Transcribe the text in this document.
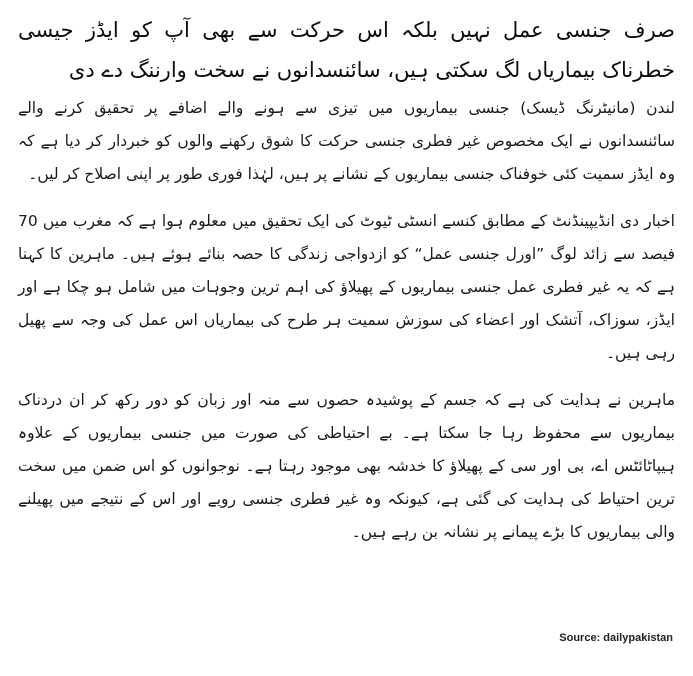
صرف جنسی عمل نہیں بلکہ اس حرکت سے بھی آپ کو ایڈز جیسی خطرناک بیماریاں لگ سکتی ہیں، سائنسدانوں نے سخت وارننگ دے دی

لندن (مانیٹرنگ ڈیسک) جنسی بیماریوں میں تیزی سے ہونے والے اضافے پر تحقیق کرنے والے سائنسدانوں نے ایک مخصوص غیر فطری جنسی حرکت کا شوق رکھنے والوں کو خبردار کر دیا ہے کہ وہ ایڈز سمیت کئی خوفناک جنسی بیماریوں کے نشانے پر ہیں، لہٰذا فوری طور پر اپنی اصلاح کر لیں۔

اخبار دی انڈیپینڈنٹ کے مطابق کنسے انسٹی ٹیوٹ کی ایک تحقیق میں معلوم ہوا ہے کہ مغرب میں 70 فیصد سے زائد لوگ ”اورل جنسی عمل“ کو ازدواجی زندگی کا حصہ بنائے ہوئے ہیں۔ ماہرین کا کہنا ہے کہ یہ غیر فطری عمل جنسی بیماریوں کے پھیلاؤ کی اہم ترین وجوہات میں شامل ہو چکا ہے اور ایڈز، سوزاک، آتشک اور اعضاء کی سوزش سمیت ہر طرح کی بیماریاں اس عمل کی وجہ سے پھیل رہی ہیں۔

ماہرین نے ہدایت کی ہے کہ جسم کے پوشیدہ حصوں سے منہ اور زبان کو دور رکھ کر ان دردناک بیماریوں سے محفوظ رہا جا سکتا ہے۔ بے احتیاطی کی صورت میں جنسی بیماریوں کے علاوہ ہیپاٹائٹس اے، بی اور سی کے پھیلاؤ کا خدشہ بھی موجود رہتا ہے۔ نوجوانوں کو اس ضمن میں سخت ترین احتیاط کی ہدایت کی گئی ہے، کیونکہ وہ غیر فطری جنسی رویے اور اس کے نتیجے میں پھیلنے والی بیماریوں کا بڑے پیمانے پر نشانہ بن رہے ہیں۔

Source: dailypakistan
